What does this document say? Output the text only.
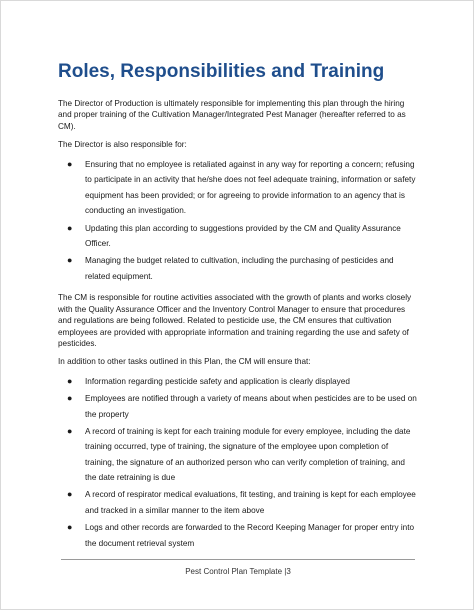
Roles, Responsibilities and Training

The Director of Production is ultimately responsible for implementing this plan through the hiring and proper training of the Cultivation Manager/Integrated Pest Manager (hereafter referred to as CM).

The Director is also responsible for:

● Ensuring that no employee is retaliated against in any way for reporting a concern; refusing to participate in an activity that he/she does not feel adequate training, information or safety equipment has been provided; or for agreeing to provide information to an agency that is conducting an investigation.
● Updating this plan according to suggestions provided by the CM and Quality Assurance Officer.
● Managing the budget related to cultivation, including the purchasing of pesticides and related equipment.

The CM is responsible for routine activities associated with the growth of plants and works closely with the Quality Assurance Officer and the Inventory Control Manager to ensure that procedures and regulations are being followed. Related to pesticide use, the CM ensures that cultivation employees are provided with appropriate information and training regarding the use and safety of pesticides.

In addition to other tasks outlined in this Plan, the CM will ensure that:

● Information regarding pesticide safety and application is clearly displayed
● Employees are notified through a variety of means about when pesticides are to be used on the property
● A record of training is kept for each training module for every employee, including the date training occurred, type of training, the signature of the employee upon completion of training, the signature of an authorized person who can verify completion of training, and the date retraining is due
● A record of respirator medical evaluations, fit testing, and training is kept for each employee and tracked in a similar manner to the item above
● Logs and other records are forwarded to the Record Keeping Manager for proper entry into the document retrieval system
Pest Control Plan Template |3
